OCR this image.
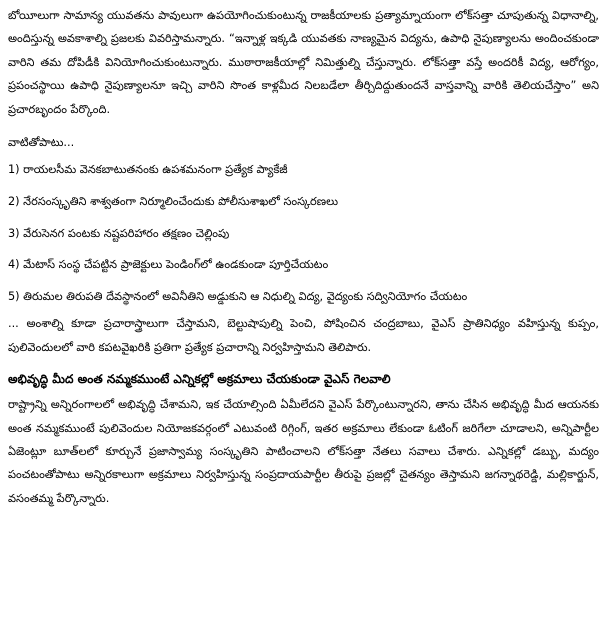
బోయీలుగా సామాన్య యువతను పావులుగా ఉపయోగించుకుంటున్న రాజకీయాలకు ప్రత్యామ్నాయంగా లోక్‌సత్తా చూపుతున్న విధానాల్ని, అందిస్తున్న అవకాశాల్ని ప్రజలకు వివరిస్తామన్నారు. “ఇన్నాళ్ల ఇక్కడి యువతకు నాణ్యమైన విద్యను, ఉపాధి నైపుణ్యాలను అందించకుండా వారిని తమ దోపిడీకి వినియోగించుకుంటున్నారు. ముఠారాజకీయాల్లో నిమిత్తుల్ని చేస్తున్నారు. లోక్‌సత్తా వస్తే అందరికీ విద్య, ఆరోగ్యం, ప్రపంచస్థాయి ఉపాధి నైపుణ్యాలనూ ఇచ్చి వారిని సొంత కాళ్లమీద నిలబడేలా తీర్చిదిద్దుతుందనే వాస్తవాన్ని వారికి తెలియచేస్తాం” అని ప్రచారబృందం పేర్కొంది.

వాటితోపాటు...

1) రాయలసీమ వెనకబాటుతనంకు ఉపశమనంగా ప్రత్యేక ప్యాకేజీ
2) నేరసంస్కృతిని శాశ్వతంగా నిర్మూలించేందుకు పోలీసుశాఖలో సంస్కరణలు
3) వేరుసెనగ పంటకు నష్టపరిహారం తక్షణం చెల్లింపు
4) మేటాస్ సంస్థ చేపట్టిన ప్రాజెక్టులు పెండింగ్‌లో ఉండకుండా పూర్తిచేయటం
5) తిరుమల తిరుపతి దేవస్థానంలో అవినీతిని అడ్డుకుని ఆ నిధుల్ని విద్య, వైద్యంకు సద్వినియోగం చేయటం

... అంశాల్ని కూడా ప్రచారాస్త్రాలుగా చేస్తామని, బెల్టుషాపుల్ని పెంచి, పోషించిన చంద్రబాబు, వైఎస్ ప్రాతినిధ్యం వహిస్తున్న కుప్పం, పులివెందులలో వారి కపటవైఖరికి ప్రతిగా ప్రత్యేక ప్రచారాన్ని నిర్వహిస్తామని తెలిపారు.

అభివృద్ధి మీద అంత నమ్మకముంటే ఎన్నికల్లో అక్రమాలు చేయకుండా వైఎస్ గెలవాలి

రాష్ట్రాన్ని అన్నిరంగాలలో అభివృద్ధి చేశామని, ఇక చేయాల్సింది ఏమీలేదని వైఎస్ పేర్కొంటున్నారని, తాను చేసిన అభివృద్ధి మీద ఆయనకు అంత నమ్మకముంటే పులివెందుల నియోజకవర్గంలో ఎటువంటి రిగ్గింగ్, ఇతర అక్రమాలు లేకుండా ఓటింగ్ జరిగేలా చూడాలని, అన్నిపార్టీల ఏజెంట్లూ బూత్‌లలో కూర్చునే ప్రజాస్వామ్య సంస్కృతిని పాటించాలని లోక్‌సత్తా నేతలు సవాలు చేశారు. ఎన్నికల్లో డబ్బు, మద్యం పంచటంతోపాటు అన్నిరకాలుగా అక్రమాలు నిర్వహిస్తున్న సంప్రదాయపార్టీల తీరుపై ప్రజల్లో చైతన్యం తెస్తామని జగన్నాథరెడ్డి, మల్లికార్జున్, వసంతమ్మ పేర్కొన్నారు.
